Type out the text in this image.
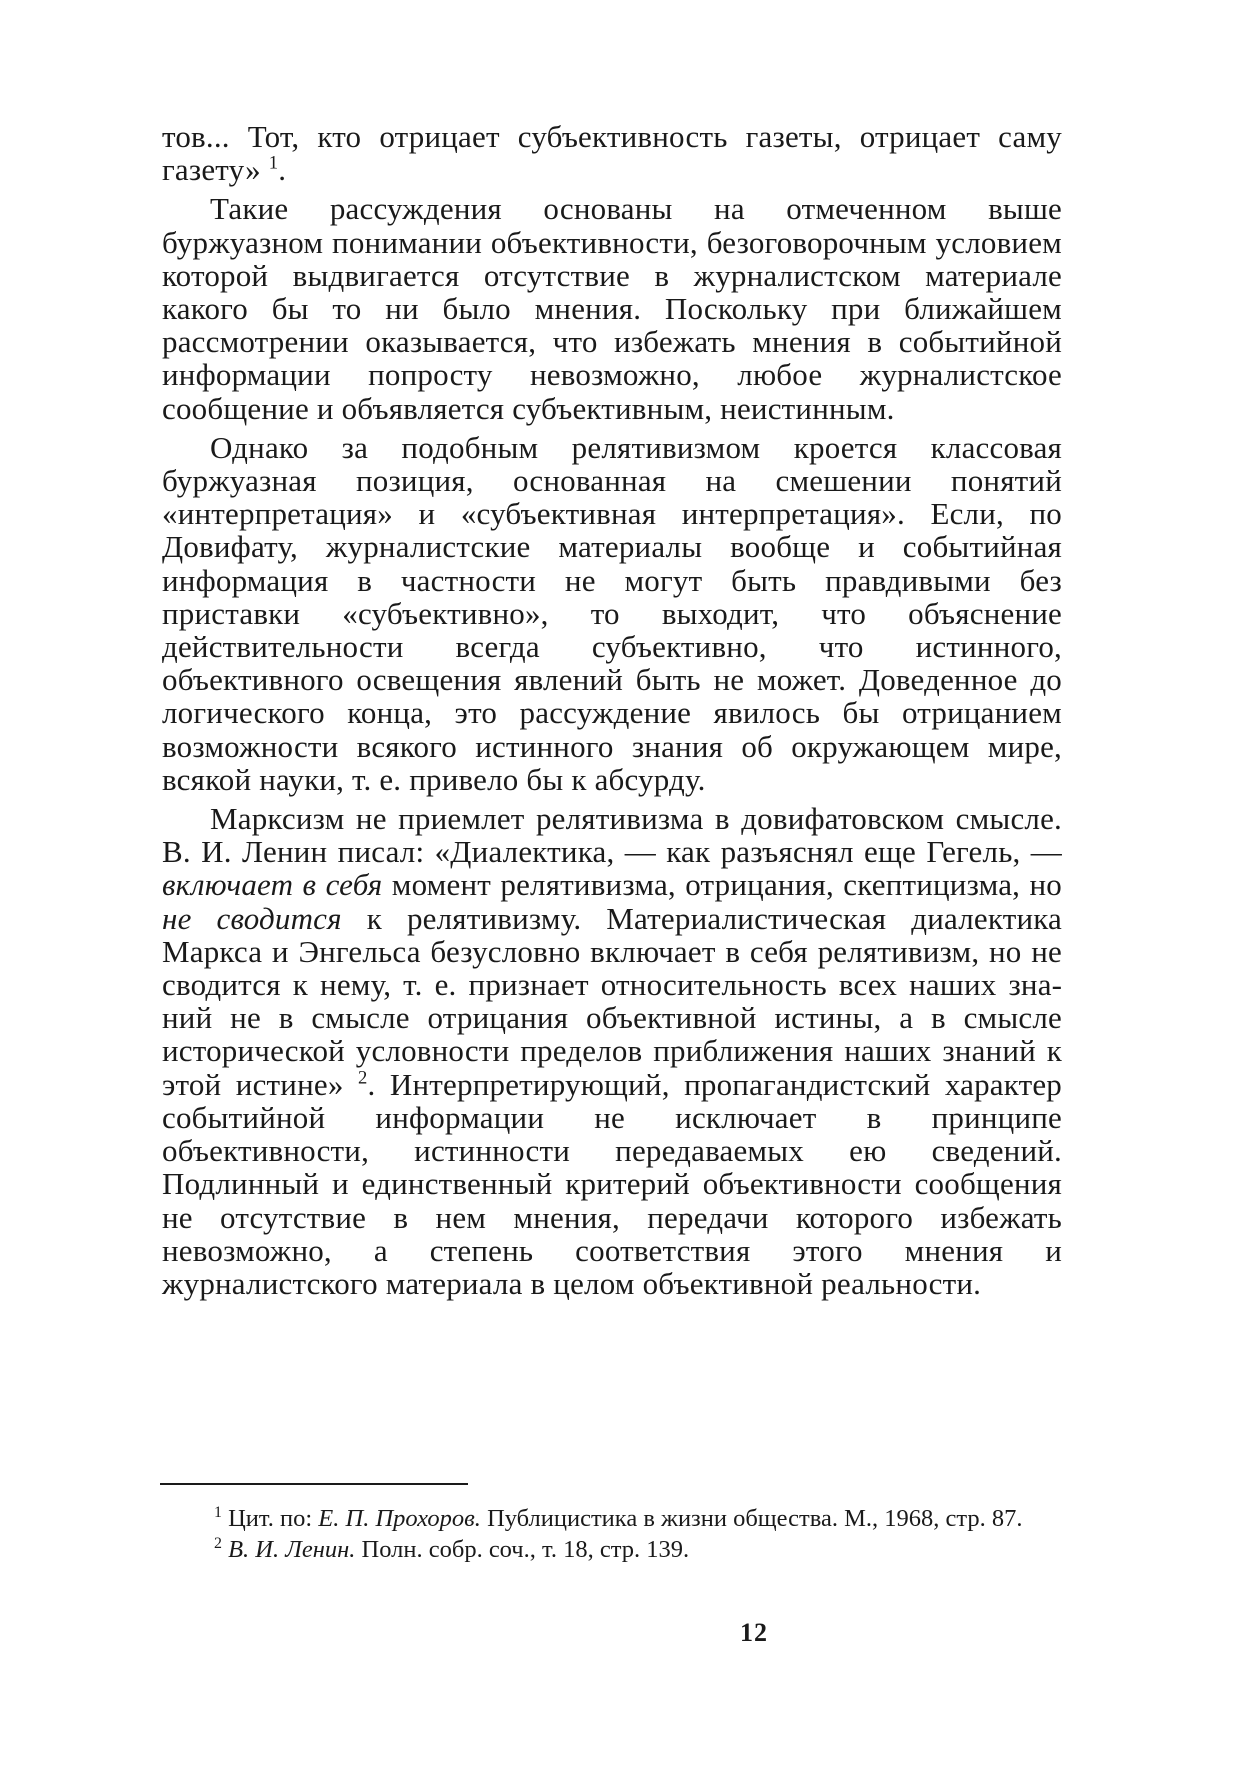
тов... Тот, кто отрицает субъективность газеты, отрицает саму газету» $^1$.

Такие рассуждения основаны на отмеченном выше буржуазном понимании объективности, безоговорочным условием которой выдвигается отсутствие в журналистском материале какого бы то ни было мнения. Поскольку при ближайшем рассмотрении оказывается, что избежать мнения в событийной информации попросту невозможно, любое журналистское сообщение и объявляется субъективным, неистинным.

Однако за подобным релятивизмом кроется классовая буржуазная позиция, основанная на смешении понятий «интерпретация» и «субъективная интерпретация». Если, по Довифату, журналистские материалы вообще и событийная информация в частности не могут быть правдивыми без приставки «субъективно», то выходит, что объяснение действительности всегда субъективно, что истинного, объективного освещения явлений быть не может. Доведенное до логического конца, это рассуждение явилось бы отрицанием возможности всякого истинного знания об окружающем мире, всякой науки, т. е. привело бы к абсурду.

Марксизм не приемлет релятивизма в довифатовском смысле. В. И. Ленин писал: «Диалектика, — как разъяснял еще Гегель, — включает в себя момент релятивизма, отрицания, скептицизма, но не сводится к релятивизму. Материалистическая диалектика Маркса и Энгельса безусловно включает в себя релятивизм, но не сводится к нему, т. е. признает относительность всех наших знаний не в смысле отрицания объективной истины, а в смысле исторической условности пределов приближения наших знаний к этой истине» $^2$. Интерпретирующий, пропагандистский характер событийной информации не исключает в принципе объективности, истинности передаваемых ею сведений. Подлинный и единственный критерий объективности сообщения не отсутствие в нем мнения, передачи которого избежать невозможно, а степень соответствия этого мнения и журналистского материала в целом объективной реальности.

$^1$ Цит. по: Е. П. Прохоров. Публицистика в жизни общества. М., 1968, стр. 87.

$^2$ В. И. Ленин. Полн. собр. соч., т. 18, стр. 139.

12
